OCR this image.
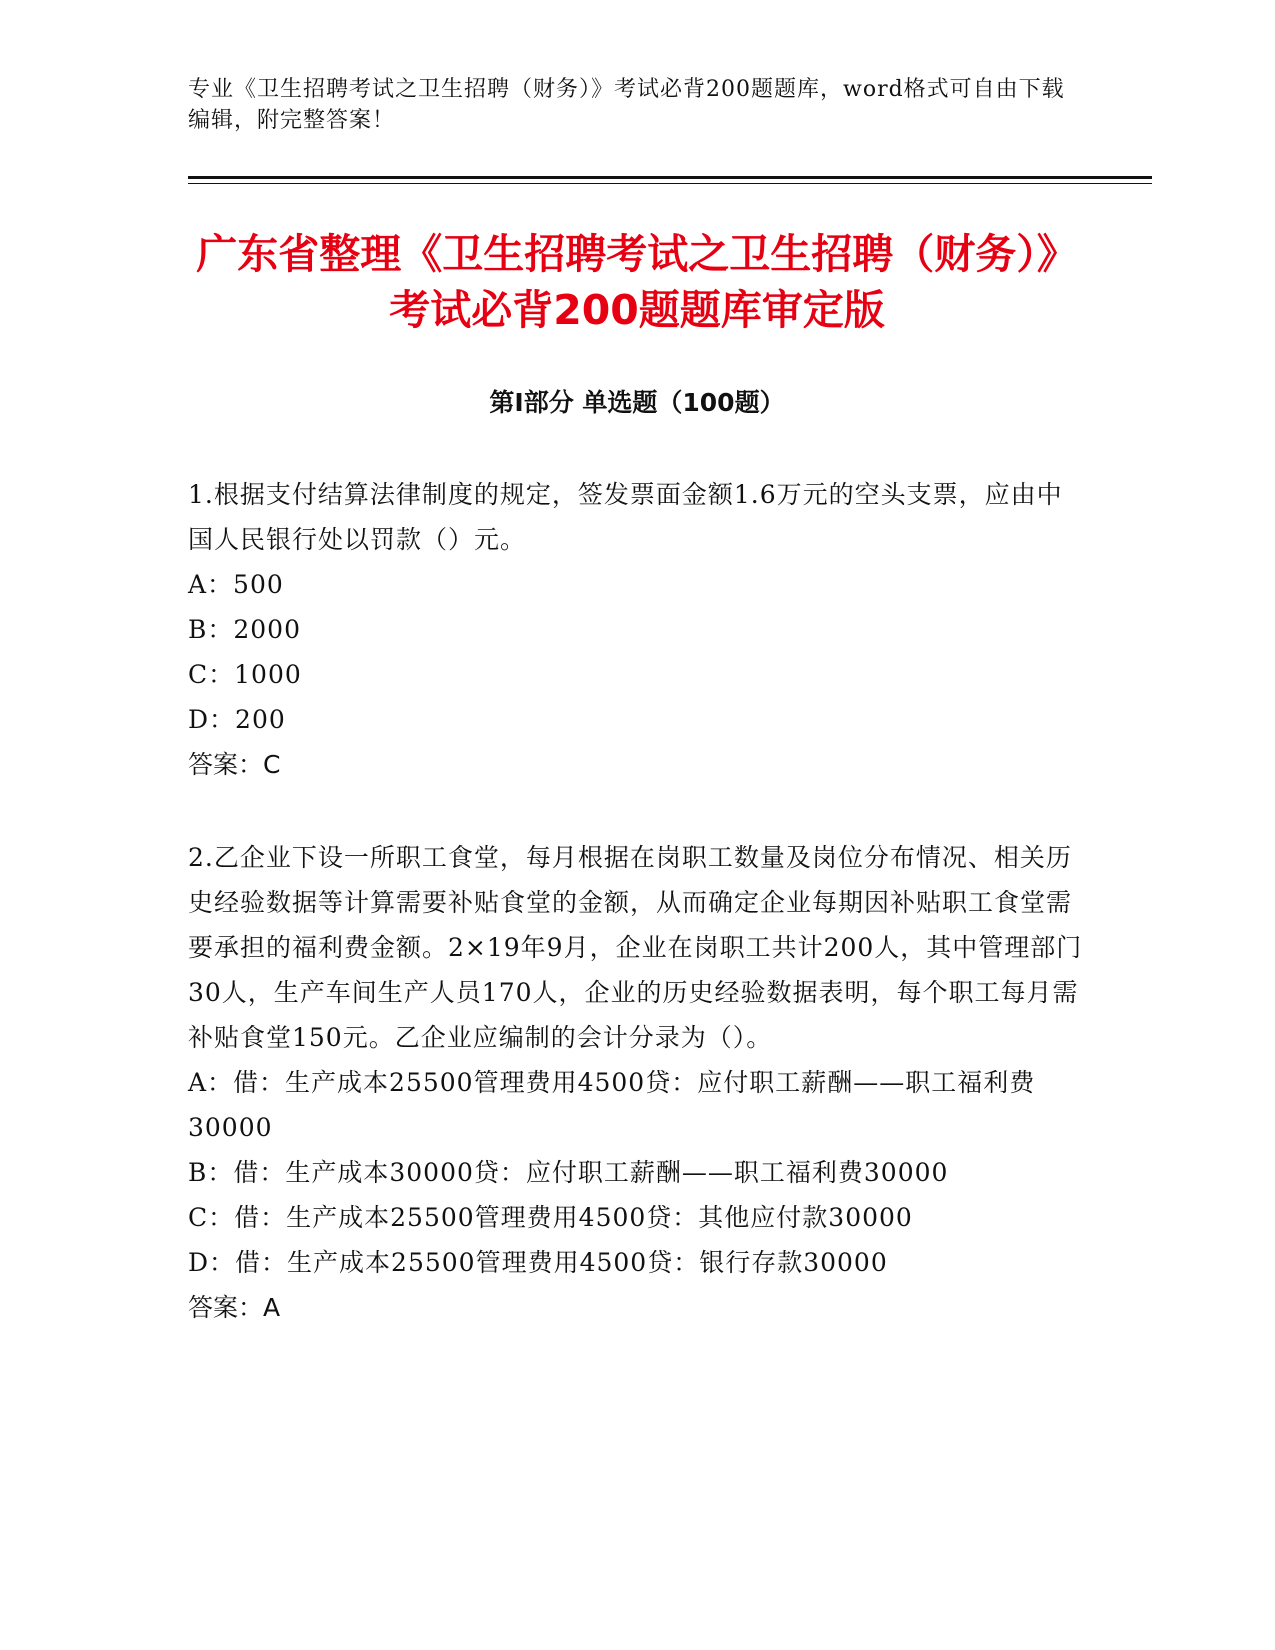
专业《卫生招聘考试之卫生招聘（财务）》考试必背200题题库，word格式可自由下载编辑，附完整答案！
广东省整理《卫生招聘考试之卫生招聘（财务）》考试必背200题题库审定版
第Ⅰ部分 单选题（100题）
1.根据支付结算法律制度的规定，签发票面金额1.6万元的空头支票，应由中国人民银行处以罚款（）元。
A：500
B：2000
C：1000
D：200
答案：C
2.乙企业下设一所职工食堂，每月根据在岗职工数量及岗位分布情况、相关历史经验数据等计算需要补贴食堂的金额，从而确定企业每期因补贴职工食堂需要承担的福利费金额。2×19年9月，企业在岗职工共计200人，其中管理部门30人，生产车间生产人员170人，企业的历史经验数据表明，每个职工每月需补贴食堂150元。乙企业应编制的会计分录为（）。
A：借：生产成本25500管理费用4500贷：应付职工薪酬——职工福利费30000
B：借：生产成本30000贷：应付职工薪酬——职工福利费30000
C：借：生产成本25500管理费用4500贷：其他应付款30000
D：借：生产成本25500管理费用4500贷：银行存款30000
答案：A
